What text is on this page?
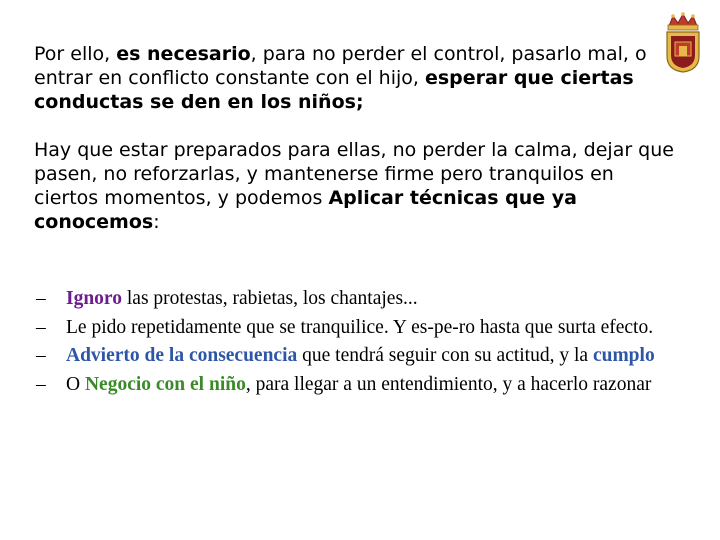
Por ello, es necesario, para no perder el control, pasarlo mal, o entrar en conflicto constante con el hijo, esperar que ciertas conductas se den en los niños;

Hay que estar preparados para ellas, no perder la calma, dejar que pasen, no reforzarlas, y mantenerse firme pero tranquilos en ciertos momentos, y podemos Aplicar técnicas que ya conocemos:

– Ignoro las protestas, rabietas, los chantajes...
– Le pido repetidamente que se tranquilice. Y es-pe-ro hasta que surta efecto.
– Advierto de la consecuencia que tendrá seguir con su actitud, y la cumplo
– O Negocio con el niño, para llegar a un entendimiento, y a hacerlo razonar
